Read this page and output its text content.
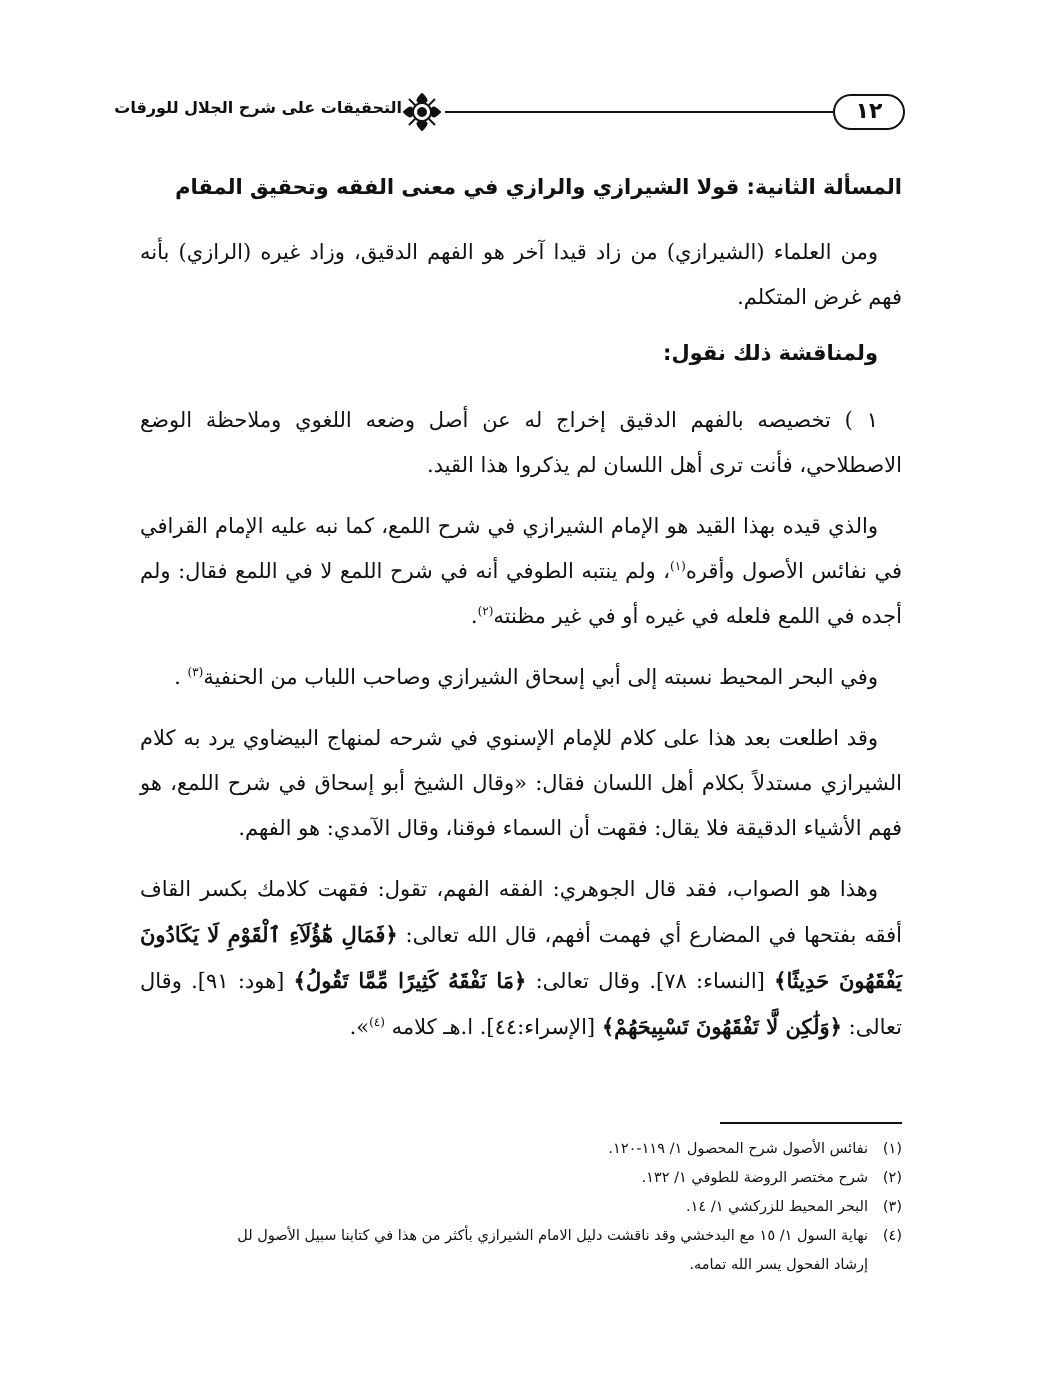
١٢
التحقيقات على شرح الجلال للورقات
المسألة الثانية: قولا الشيرازي والرازي في معنى الفقه وتحقيق المقام

ومن العلماء (الشيرازي) من زاد قيدا آخر هو الفهم الدقيق، وزاد غيره (الرازي) بأنه فهم غرض المتكلم.

ولمناقشة ذلك نقول:

١ ) تخصيصه بالفهم الدقيق إخراج له عن أصل وضعه اللغوي وملاحظة الوضع الاصطلاحي، فأنت ترى أهل اللسان لم يذكروا هذا القيد.

والذي قيده بهذا القيد هو الإمام الشيرازي في شرح اللمع، كما نبه عليه الإمام القرافي في نفائس الأصول وأقره$^{(١)}$، ولم ينتبه الطوفي أنه في شرح اللمع لا في اللمع فقال: ولم أجده في اللمع فلعله في غيره أو في غير مظنته$^{(٢)}$.

وفي البحر المحيط نسبته إلى أبي إسحاق الشيرازي وصاحب اللباب من الحنفية$^{(٣)}$ .

وقد اطلعت بعد هذا على كلام للإمام الإسنوي في شرحه لمنهاج البيضاوي يرد به كلام الشيرازي مستدلاً بكلام أهل اللسان فقال: «وقال الشيخ أبو إسحاق في شرح اللمع، هو فهم الأشياء الدقيقة فلا يقال: فقهت أن السماء فوقنا، وقال الآمدي: هو الفهم.

وهذا هو الصواب، فقد قال الجوهري: الفقه الفهم، تقول: فقهت كلامك بكسر القاف أفقه بفتحها في المضارع أي فهمت أفهم، قال الله تعالى: ﴿فَمَالِ هَٰٓؤُلَآءِ ٱلْقَوْمِ لَا يَكَادُونَ يَفْقَهُونَ حَدِيثًا﴾ [النساء: ٧٨]. وقال تعالى: ﴿مَا نَفْقَهُ كَثِيرًا مِّمَّا تَقُولُ﴾ [هود: ٩١]. وقال تعالى: ﴿وَلَٰكِن لَّا تَفْقَهُونَ تَسْبِيحَهُمْ﴾ [الإسراء:٤٤]. ا.هـ كلامه $^{(٤)}$».

(١)نفائس الأصول شرح المحصول ١/ ١١٩-١٢٠.

(٢)شرح مختصر الروضة للطوفي ١/ ١٣٢.

(٣)البحر المحيط للزركشي ١/ ١٤.

(٤)نهاية السول ١/ ١٥ مع البدخشي وقد ناقشت دليل الامام الشيرازي بأكثر من هذا في كتابنا سبيل الأصول لل
إرشاد الفحول يسر الله تمامه.
